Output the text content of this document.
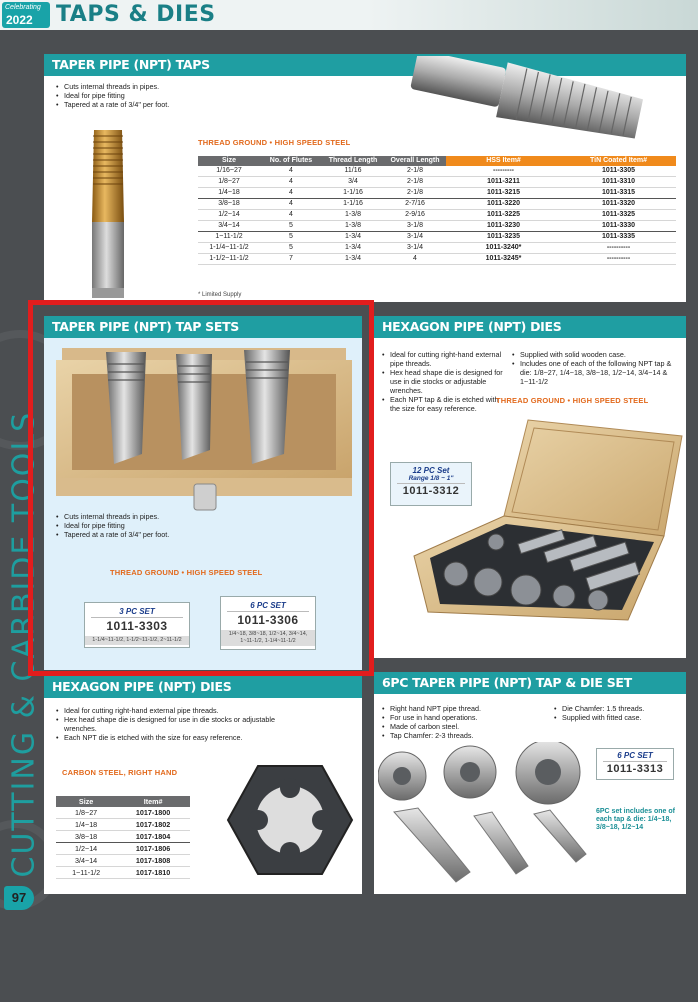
Celebrating
2022 TAPS & DIES
CUTTING & CARBIDE TOOLS
TAPER PIPE (NPT) TAPS
• Cuts internal threads in pipes.
• Ideal for pipe fitting
• Tapered at a rate of 3/4" per foot.
THREAD GROUND • HIGH SPEED STEEL
Size	No. of Flutes	Thread Length	Overall Length	HSS Item#	TiN Coated Item#
1/16~27	4	11/16	2-1/8	---------	1011-3305
1/8~27	4	3/4	2-1/8	1011-3211	1011-3310
1/4~18	4	1-1/16	2-1/8	1011-3215	1011-3315
3/8~18	4	1-1/16	2-7/16	1011-3220	1011-3320
1/2~14	4	1-3/8	2-9/16	1011-3225	1011-3325
3/4~14	5	1-3/8	3-1/8	1011-3230	1011-3330
1~11-1/2	5	1-3/4	3-1/4	1011-3235	1011-3335
1-1/4~11-1/2	5	1-3/4	3-1/4	1011-3240*	----------
1-1/2~11-1/2	7	1-3/4	4	1011-3245*	----------
* Limited Supply
TAPER PIPE (NPT) TAP SETS
• Cuts internal threads in pipes.
• Ideal for pipe fitting
• Tapered at a rate of 3/4" per foot.
THREAD GROUND • HIGH SPEED STEEL
3 PC SET
1011-3303
1-1/4~11-1/2, 1-1/2~11-1/2, 2~11-1/2
6 PC SET
1011-3306
1/4~18, 3/8~18, 1/2~14, 3/4~14, 1~11-1/2, 1-1/4~11-1/2
HEXAGON PIPE (NPT) DIES
• Ideal for cutting right-hand external pipe threads.
• Hex head shape die is designed for use in die stocks or adjustable wrenches.
• Each NPT tap & die is etched with the size for easy reference.
• Supplied with solid wooden case.
• Includes one of each of the following NPT tap & die: 1/8~27, 1/4~18, 3/8~18, 1/2~14, 3/4~14 & 1~11-1/2
THREAD GROUND • HIGH SPEED STEEL
12 PC Set
Range 1/8 ~ 1"
1011-3312
HEXAGON PIPE (NPT) DIES
• Ideal for cutting right-hand external pipe threads.
• Hex head shape die is designed for use in die stocks or adjustable wrenches.
• Each NPT die is etched with the size for easy reference.
CARBON STEEL, RIGHT HAND
Size	Item#
1/8~27	1017-1800
1/4~18	1017-1802
3/8~18	1017-1804
1/2~14	1017-1806
3/4~14	1017-1808
1~11-1/2	1017-1810
6PC TAPER PIPE (NPT) TAP & DIE SET
• Right hand NPT pipe thread.
• For use in hand operations.
• Made of carbon steel.
• Tap Chamfer: 2-3 threads.
• Die Chamfer: 1.5 threads.
• Supplied with fitted case.
6 PC SET
1011-3313
6PC set includes one of each tap & die: 1/4~18, 3/8~18, 1/2~14
97
